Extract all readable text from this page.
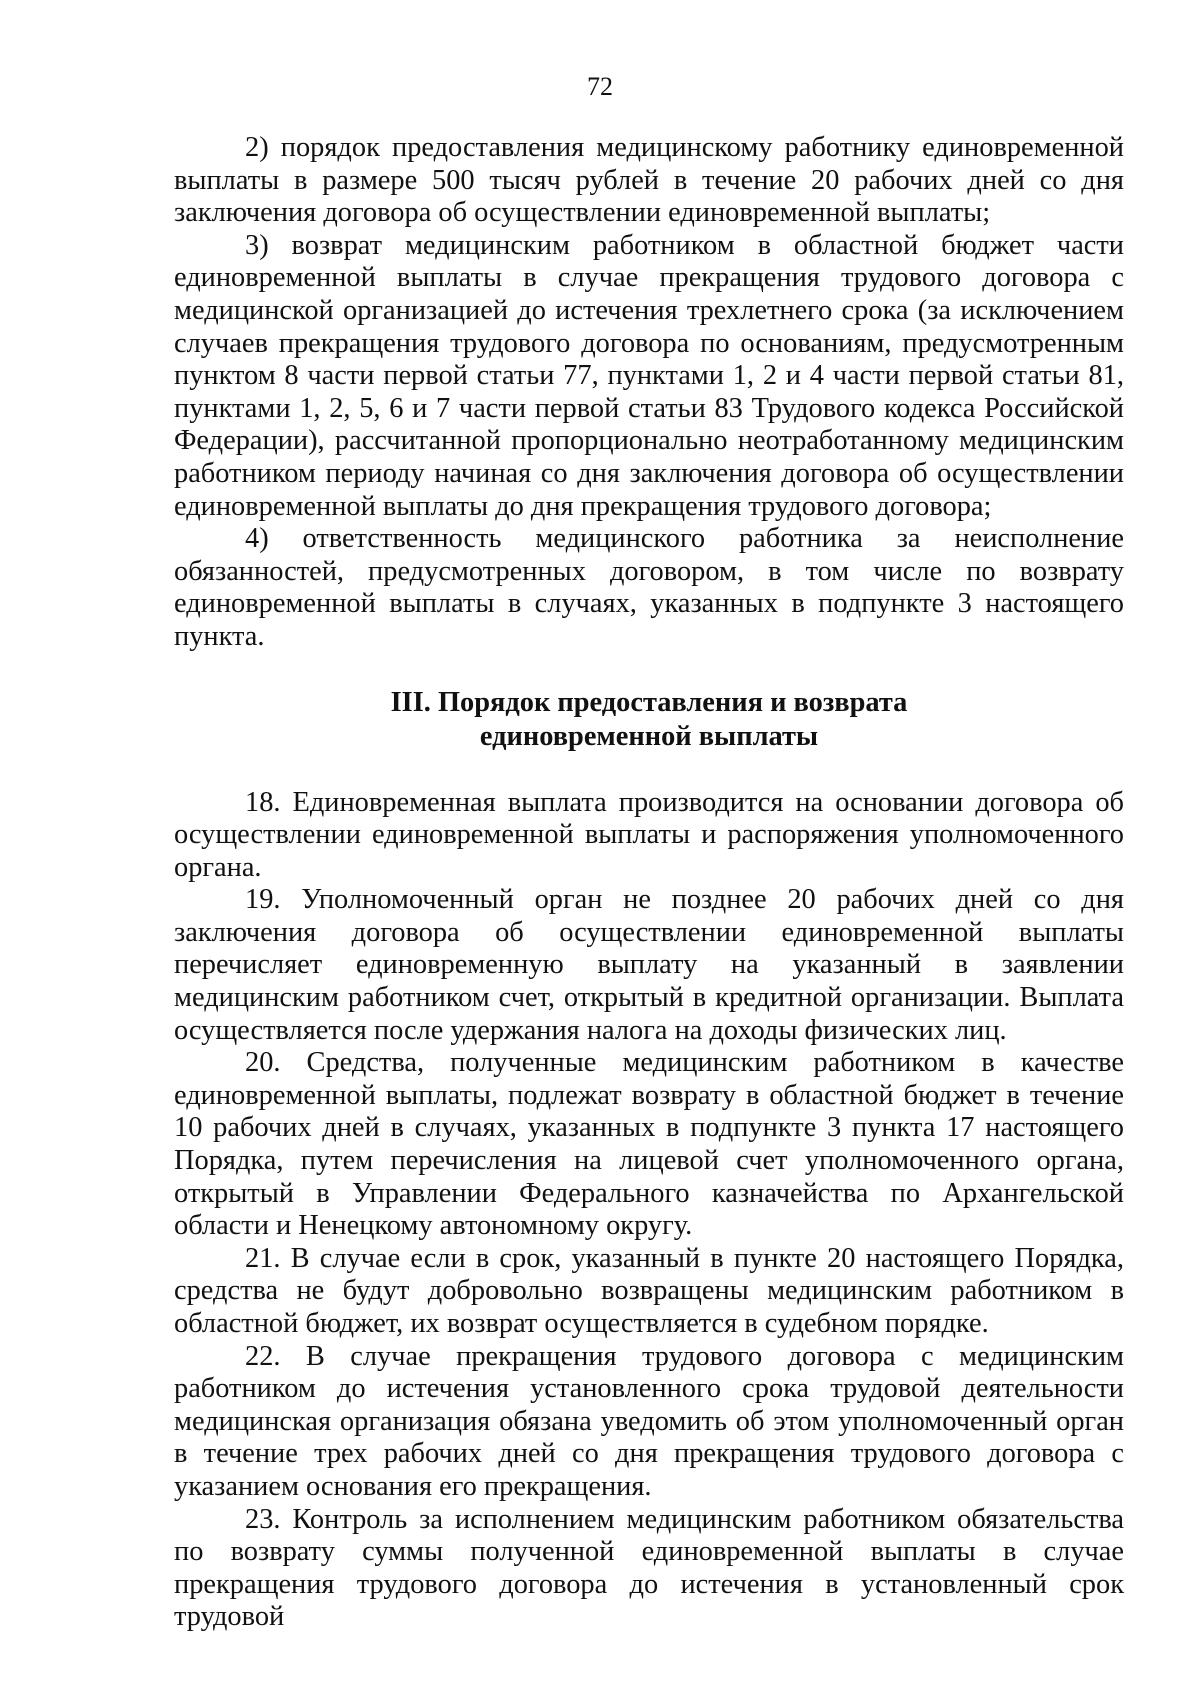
72

2) порядок предоставления медицинскому работнику единовременной выплаты в размере 500 тысяч рублей в течение 20 рабочих дней со дня заключения договора об осуществлении единовременной выплаты;

3) возврат медицинским работником в областной бюджет части единовременной выплаты в случае прекращения трудового договора с медицинской организацией до истечения трехлетнего срока (за исключением случаев прекращения трудового договора по основаниям, предусмотренным пунктом 8 части первой статьи 77, пунктами 1, 2 и 4 части первой статьи 81, пунктами 1, 2, 5, 6 и 7 части первой статьи 83 Трудового кодекса Российской Федерации), рассчитанной пропорционально неотработанному медицинским работником периоду начиная со дня заключения договора об осуществлении единовременной выплаты до дня прекращения трудового договора;

4) ответственность медицинского работника за неисполнение обязанностей, предусмотренных договором, в том числе по возврату единовременной выплаты в случаях, указанных в подпункте 3 настоящего пункта.

III. Порядок предоставления и возврата
единовременной выплаты

18. Единовременная выплата производится на основании договора об осуществлении единовременной выплаты и распоряжения уполномоченного органа.

19. Уполномоченный орган не позднее 20 рабочих дней со дня заключения договора об осуществлении единовременной выплаты перечисляет единовременную выплату на указанный в заявлении медицинским работником счет, открытый в кредитной организации. Выплата осуществляется после удержания налога на доходы физических лиц.

20. Средства, полученные медицинским работником в качестве единовременной выплаты, подлежат возврату в областной бюджет в течение 10 рабочих дней в случаях, указанных в подпункте 3 пункта 17 настоящего Порядка, путем перечисления на лицевой счет уполномоченного органа, открытый в Управлении Федерального казначейства по Архангельской области и Ненецкому автономному округу.

21. В случае если в срок, указанный в пункте 20 настоящего Порядка, средства не будут добровольно возвращены медицинским работником в областной бюджет, их возврат осуществляется в судебном порядке.

22. В случае прекращения трудового договора с медицинским работником до истечения установленного срока трудовой деятельности медицинская организация обязана уведомить об этом уполномоченный орган в течение трех рабочих дней со дня прекращения трудового договора с указанием основания его прекращения.

23. Контроль за исполнением медицинским работником обязательства по возврату суммы полученной единовременной выплаты в случае прекращения трудового договора до истечения в установленный срок трудовой
